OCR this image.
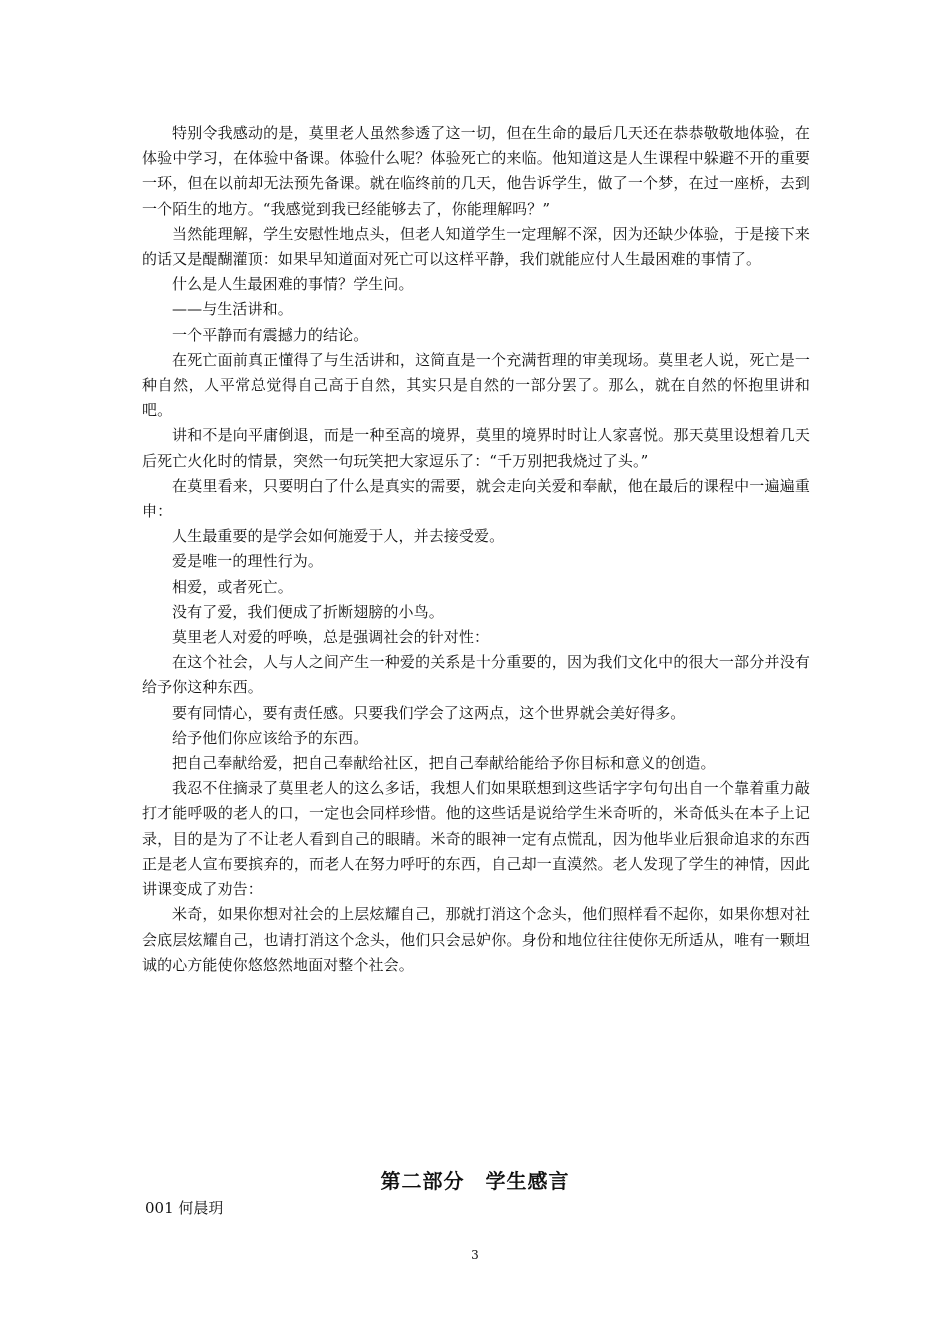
特别令我感动的是，莫里老人虽然参透了这一切，但在生命的最后几天还在恭恭敬敬地体验，在体验中学习，在体验中备课。体验什么呢？体验死亡的来临。他知道这是人生课程中躲避不开的重要一环，但在以前却无法预先备课。就在临终前的几天，他告诉学生，做了一个梦，在过一座桥，去到一个陌生的地方。“我感觉到我已经能够去了，你能理解吗？”

当然能理解，学生安慰性地点头，但老人知道学生一定理解不深，因为还缺少体验，于是接下来的话又是醍醐灌顶：如果早知道面对死亡可以这样平静，我们就能应付人生最困难的事情了。

什么是人生最困难的事情？学生问。

——与生活讲和。

一个平静而有震撼力的结论。

在死亡面前真正懂得了与生活讲和，这简直是一个充满哲理的审美现场。莫里老人说，死亡是一种自然，人平常总觉得自己高于自然，其实只是自然的一部分罢了。那么，就在自然的怀抱里讲和吧。

讲和不是向平庸倒退，而是一种至高的境界，莫里的境界时时让人家喜悦。那天莫里设想着几天后死亡火化时的情景，突然一句玩笑把大家逗乐了：“千万别把我烧过了头。”

在莫里看来，只要明白了什么是真实的需要，就会走向关爱和奉献，他在最后的课程中一遍遍重申：

人生最重要的是学会如何施爱于人，并去接受爱。

爱是唯一的理性行为。

相爱，或者死亡。

没有了爱，我们便成了折断翅膀的小鸟。

莫里老人对爱的呼唤，总是强调社会的针对性：

在这个社会，人与人之间产生一种爱的关系是十分重要的，因为我们文化中的很大一部分并没有给予你这种东西。

要有同情心，要有责任感。只要我们学会了这两点，这个世界就会美好得多。

给予他们你应该给予的东西。

把自己奉献给爱，把自己奉献给社区，把自己奉献给能给予你目标和意义的创造。

我忍不住摘录了莫里老人的这么多话，我想人们如果联想到这些话字字句句出自一个靠着重力敲打才能呼吸的老人的口，一定也会同样珍惜。他的这些话是说给学生米奇听的，米奇低头在本子上记录，目的是为了不让老人看到自己的眼睛。米奇的眼神一定有点慌乱，因为他毕业后狠命追求的东西正是老人宣布要摈弃的，而老人在努力呼吁的东西，自己却一直漠然。老人发现了学生的神情，因此讲课变成了劝告：

米奇，如果你想对社会的上层炫耀自己，那就打消这个念头，他们照样看不起你，如果你想对社会底层炫耀自己，也请打消这个念头，他们只会忌妒你。身份和地位往往使你无所适从，唯有一颗坦诚的心方能使你悠悠然地面对整个社会。

第二部分　学生感言

001 何晨玥

3
